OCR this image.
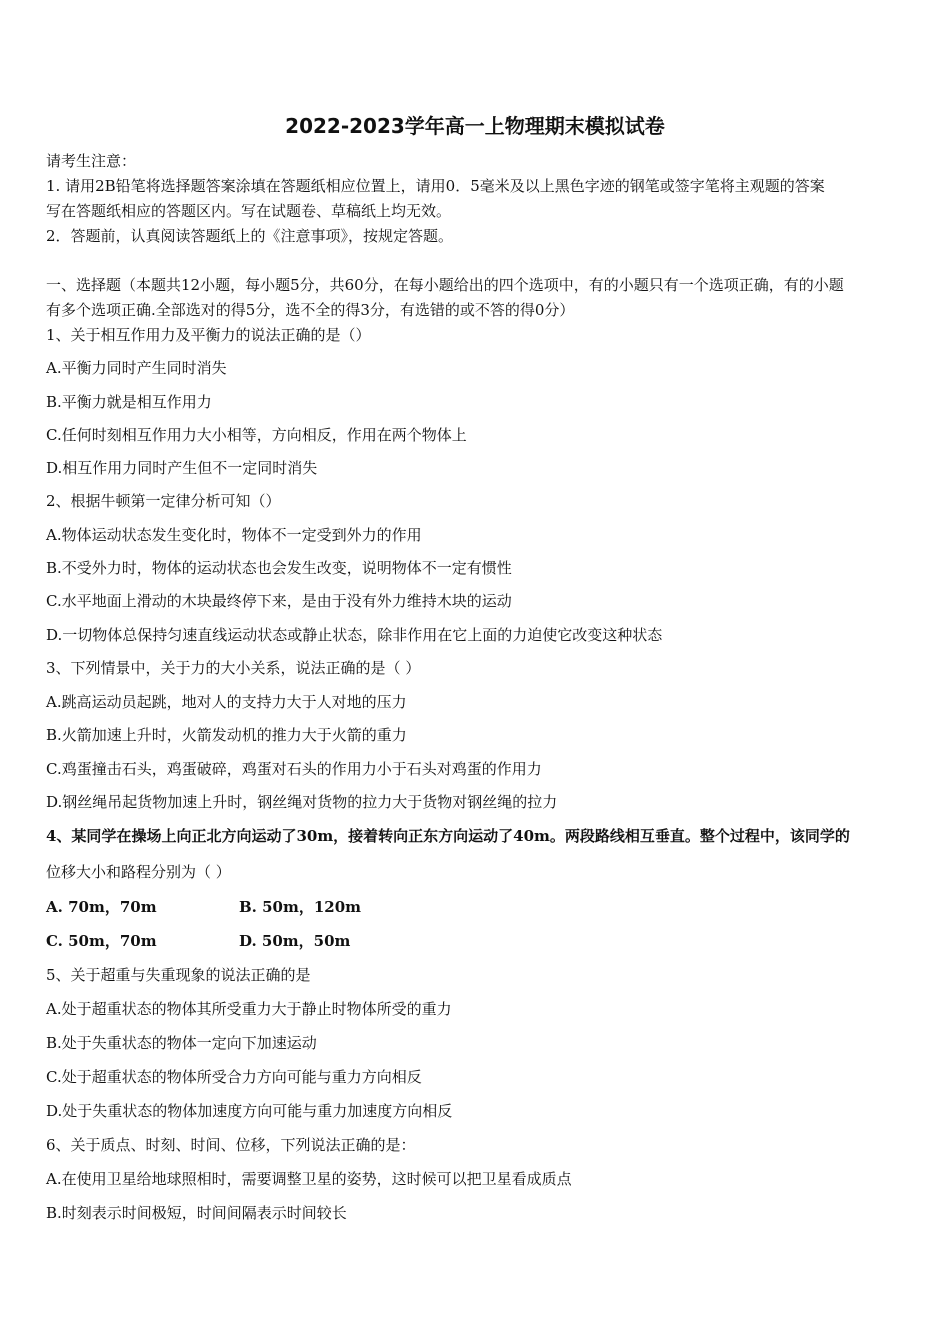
2022-2023学年高一上物理期末模拟试卷
请考生注意：
1. 请用2B铅笔将选择题答案涂填在答题纸相应位置上，请用0．5毫米及以上黑色字迹的钢笔或签字笔将主观题的答案
写在答题纸相应的答题区内。写在试题卷、草稿纸上均无效。
2．答题前，认真阅读答题纸上的《注意事项》，按规定答题。
一、选择题（本题共12小题，每小题5分，共60分，在每小题给出的四个选项中，有的小题只有一个选项正确，有的小题
有多个选项正确.全部选对的得5分，选不全的得3分，有选错的或不答的得0分）
1、关于相互作用力及平衡力的说法正确的是（）
A.平衡力同时产生同时消失
B.平衡力就是相互作用力
C.任何时刻相互作用力大小相等，方向相反，作用在两个物体上
D.相互作用力同时产生但不一定同时消失
2、根据牛顿第一定律分析可知（）
A.物体运动状态发生变化时，物体不一定受到外力的作用
B.不受外力时，物体的运动状态也会发生改变，说明物体不一定有惯性
C.水平地面上滑动的木块最终停下来，是由于没有外力维持木块的运动
D.一切物体总保持匀速直线运动状态或静止状态，除非作用在它上面的力迫使它改变这种状态
3、下列情景中，关于力的大小关系，说法正确的是（ ）
A.跳高运动员起跳，地对人的支持力大于人对地的压力
B.火箭加速上升时，火箭发动机的推力大于火箭的重力
C.鸡蛋撞击石头，鸡蛋破碎，鸡蛋对石头的作用力小于石头对鸡蛋的作用力
D.钢丝绳吊起货物加速上升时，钢丝绳对货物的拉力大于货物对钢丝绳的拉力
4、某同学在操场上向正北方向运动了30m，接着转向正东方向运动了40m。两段路线相互垂直。整个过程中，该同学的
位移大小和路程分别为（ ）
A. 70m，70m	B. 50m，120m
C. 50m，70m	D. 50m，50m
5、关于超重与失重现象的说法正确的是
A.处于超重状态的物体其所受重力大于静止时物体所受的重力
B.处于失重状态的物体一定向下加速运动
C.处于超重状态的物体所受合力方向可能与重力方向相反
D.处于失重状态的物体加速度方向可能与重力加速度方向相反
6、关于质点、时刻、时间、位移，下列说法正确的是：
A.在使用卫星给地球照相时，需要调整卫星的姿势，这时候可以把卫星看成质点
B.时刻表示时间极短，时间间隔表示时间较长
